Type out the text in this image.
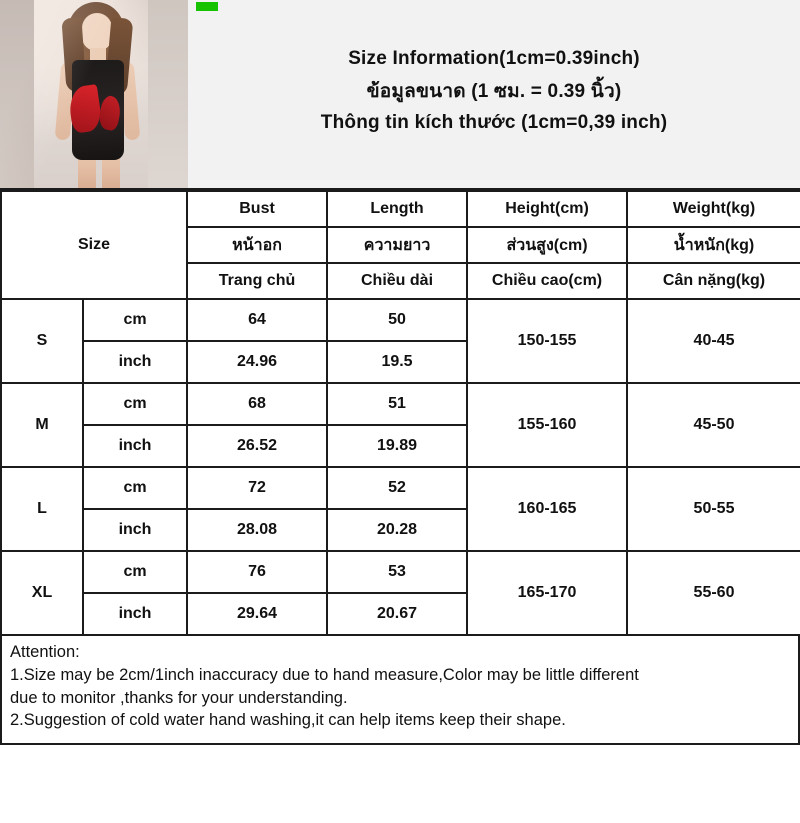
Size Information(1cm=0.39inch)
ข้อมูลขนาด (1 ซม. = 0.39 นิ้ว)
Thông tin kích thước (1cm=0,39 inch)
Size		Bust	Length	Height(cm)	Weight(kg)
		หน้าอก	ความยาว	ส่วนสูง(cm)	น้ำหนัก(kg)
		Trang chủ	Chiều dài	Chiều cao(cm)	Cân nặng(kg)
S	cm	64	50	150-155	40-45
	inch	24.96	19.5		
M	cm	68	51	155-160	45-50
	inch	26.52	19.89		
L	cm	72	52	160-165	50-55
	inch	28.08	20.28		
XL	cm	76	53	165-170	55-60
	inch	29.64	20.67		

Attention:

1.Size may be 2cm/1inch inaccuracy due to hand measure,Color may be little different

due to monitor ,thanks for your understanding.

2.Suggestion of cold water hand washing,it can help items keep their shape.
